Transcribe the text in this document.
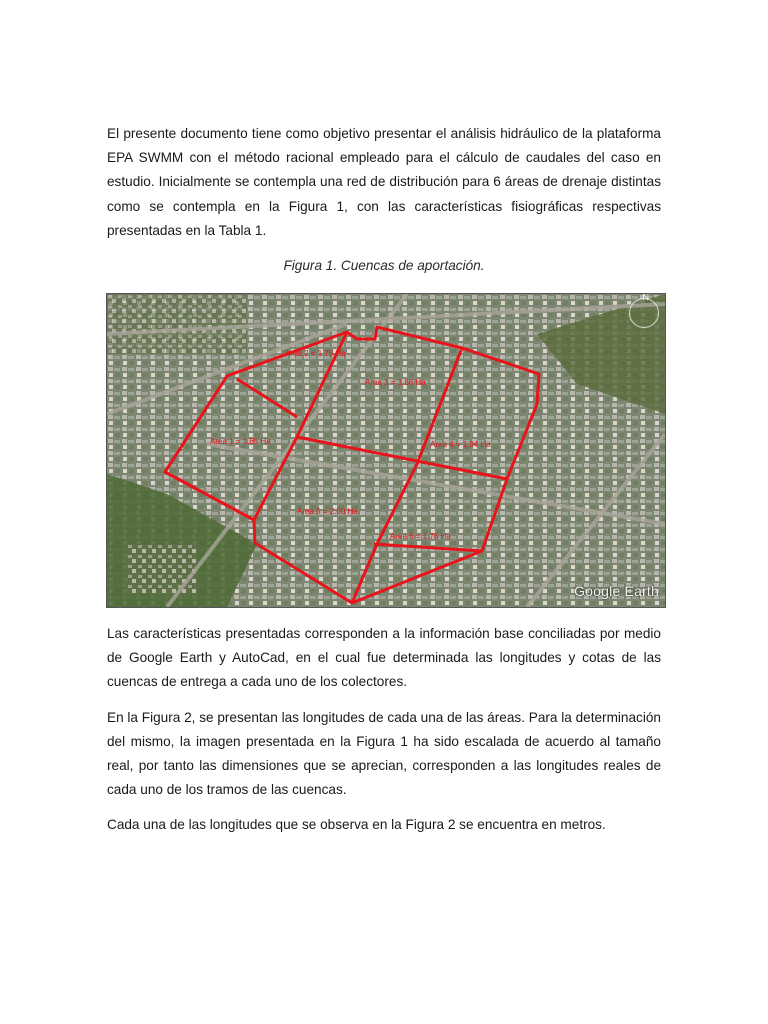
El presente documento tiene como objetivo presentar el análisis hidráulico de la plataforma EPA SWMM con el método racional empleado para el cálculo de caudales del caso en estudio. Inicialmente se contempla una red de distribución para 6 áreas de drenaje distintas como se contempla en la Figura 1, con las características fisiográficas respectivas presentadas en la Tabla 1.

Figura 1. Cuencas de aportación.

Area 1 = 1.65 Ha
Area 2 = 1.78 Ha
Area 3 = 1.66 Ha
Area 4 = 1.94 Ha
Area 5 = 2.00 Ha
Area 6 = 1.76 Ha
N
Google Earth

Las características presentadas corresponden a la información base conciliadas por medio de Google Earth y AutoCad, en el cual fue determinada las longitudes y cotas de las cuencas de entrega a cada uno de los colectores.

En la Figura 2, se presentan las longitudes de cada una de las áreas. Para la determinación del mismo, la imagen presentada en la Figura 1 ha sido escalada de acuerdo al tamaño real, por tanto las dimensiones que se aprecian, corresponden a las longitudes reales de cada uno de los tramos de las cuencas.

Cada una de las longitudes que se observa en la Figura 2 se encuentra en metros.
